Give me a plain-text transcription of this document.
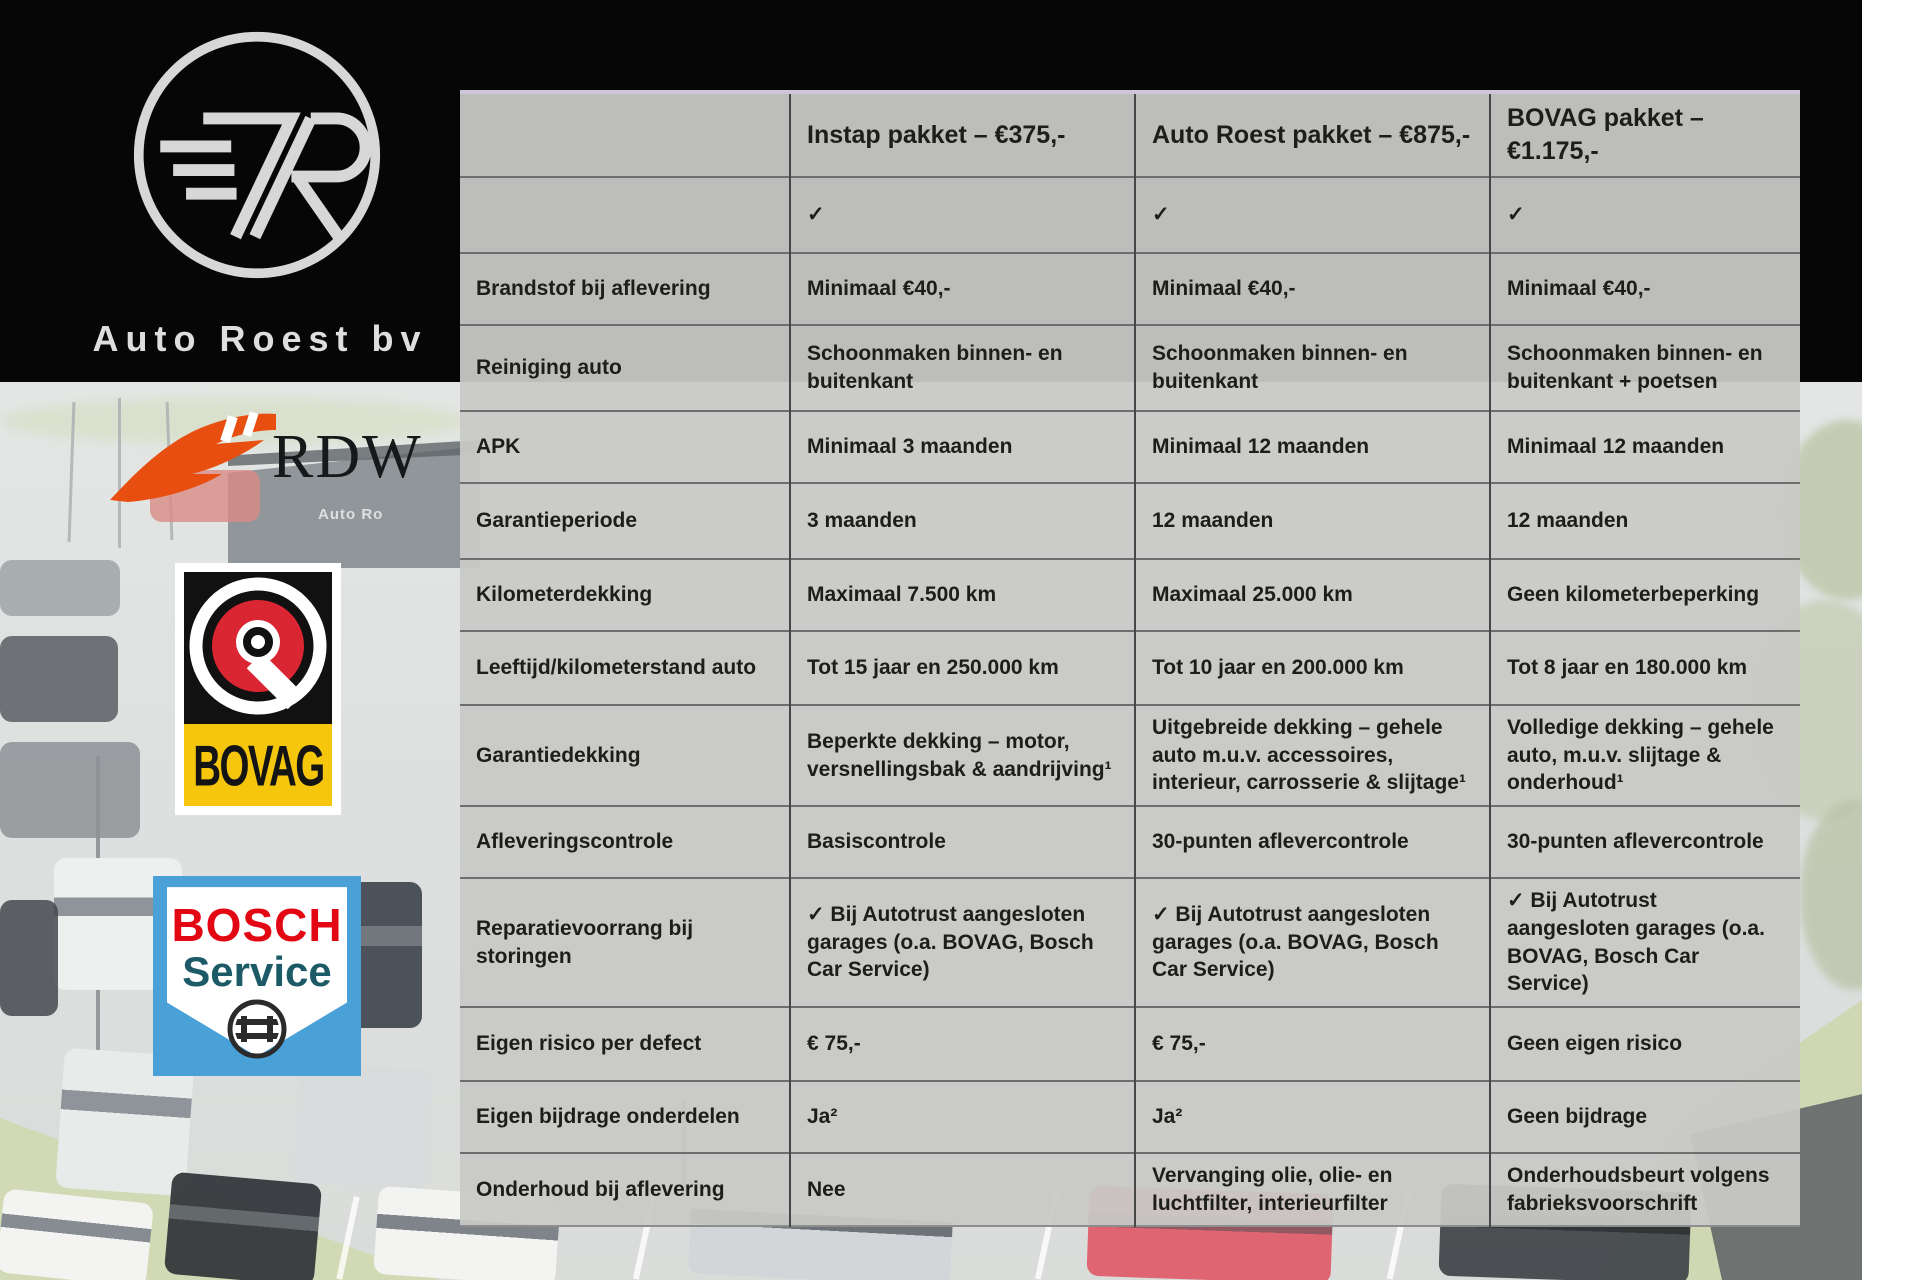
Auto Ro
Auto Roest bv
RDW
BOVAG
BOSCH
Service
	Instap pakket – €375,-	Auto Roest pakket – €875,-	BOVAG pakket – €1.175,-
	✓	✓	✓
Brandstof bij aflevering	Minimaal €40,-	Minimaal €40,-	Minimaal €40,-
Reiniging auto	Schoonmaken binnen- en buitenkant	Schoonmaken binnen- en buitenkant	Schoonmaken binnen- en buitenkant + poetsen
APK	Minimaal 3 maanden	Minimaal 12 maanden	Minimaal 12 maanden
Garantieperiode	3 maanden	12 maanden	12 maanden
Kilometerdekking	Maximaal 7.500 km	Maximaal 25.000 km	Geen kilometerbeperking
Leeftijd/kilometerstand auto	Tot 15 jaar en 250.000 km	Tot 10 jaar en 200.000 km	Tot 8 jaar en 180.000 km
Garantiedekking	Beperkte dekking – motor, versnellingsbak & aandrijving¹	Uitgebreide dekking – gehele auto m.u.v. accessoires, interieur, carrosserie & slijtage¹	Volledige dekking – gehele auto, m.u.v. slijtage & onderhoud¹
Afleveringscontrole	Basiscontrole	30-punten aflevercontrole	30-punten aflevercontrole
Reparatievoorrang bij storingen	✓ Bij Autotrust aangesloten garages (o.a. BOVAG, Bosch Car Service)	✓ Bij Autotrust aangesloten garages (o.a. BOVAG, Bosch Car Service)	✓ Bij Autotrust aangesloten garages (o.a. BOVAG, Bosch Car Service)
Eigen risico per defect	€ 75,-	€ 75,-	Geen eigen risico
Eigen bijdrage onderdelen	Ja²	Ja²	Geen bijdrage
Onderhoud bij aflevering	Nee	Vervanging olie, olie- en luchtfilter, interieurfilter	Onderhoudsbeurt volgens fabrieksvoorschrift
